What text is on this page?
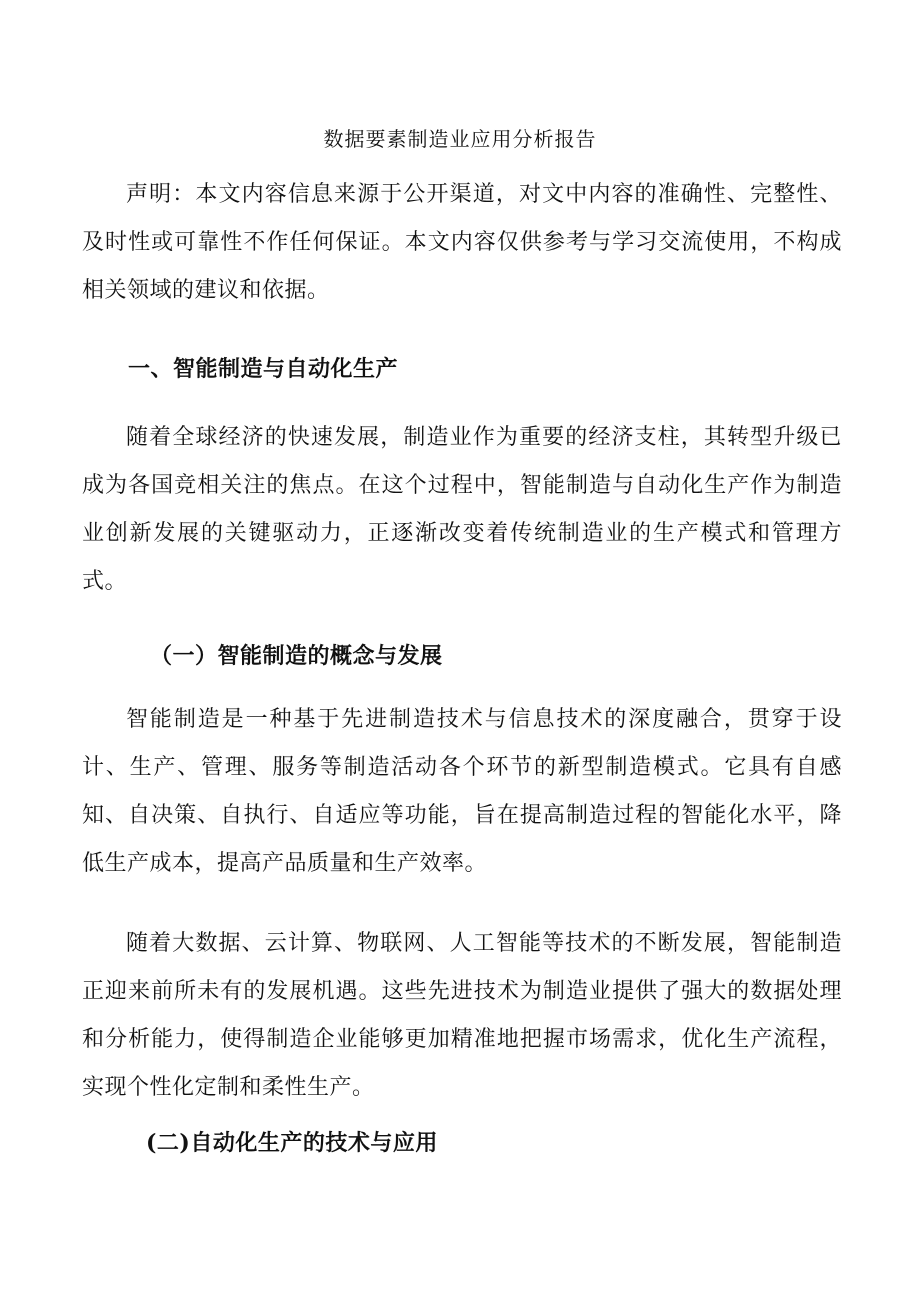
数据要素制造业应用分析报告

声明：本文内容信息来源于公开渠道，对文中内容的准确性、完整性、及时性或可靠性不作任何保证。本文内容仅供参考与学习交流使用，不构成相关领域的建议和依据。

一、智能制造与自动化生产

随着全球经济的快速发展，制造业作为重要的经济支柱，其转型升级已成为各国竞相关注的焦点。在这个过程中，智能制造与自动化生产作为制造业创新发展的关键驱动力，正逐渐改变着传统制造业的生产模式和管理方式。

（一）智能制造的概念与发展

智能制造是一种基于先进制造技术与信息技术的深度融合，贯穿于设计、生产、管理、服务等制造活动各个环节的新型制造模式。它具有自感知、自决策、自执行、自适应等功能，旨在提高制造过程的智能化水平，降低生产成本，提高产品质量和生产效率。

随着大数据、云计算、物联网、人工智能等技术的不断发展，智能制造正迎来前所未有的发展机遇。这些先进技术为制造业提供了强大的数据处理和分析能力，使得制造企业能够更加精准地把握市场需求，优化生产流程，实现个性化定制和柔性生产。

(二)自动化生产的技术与应用
